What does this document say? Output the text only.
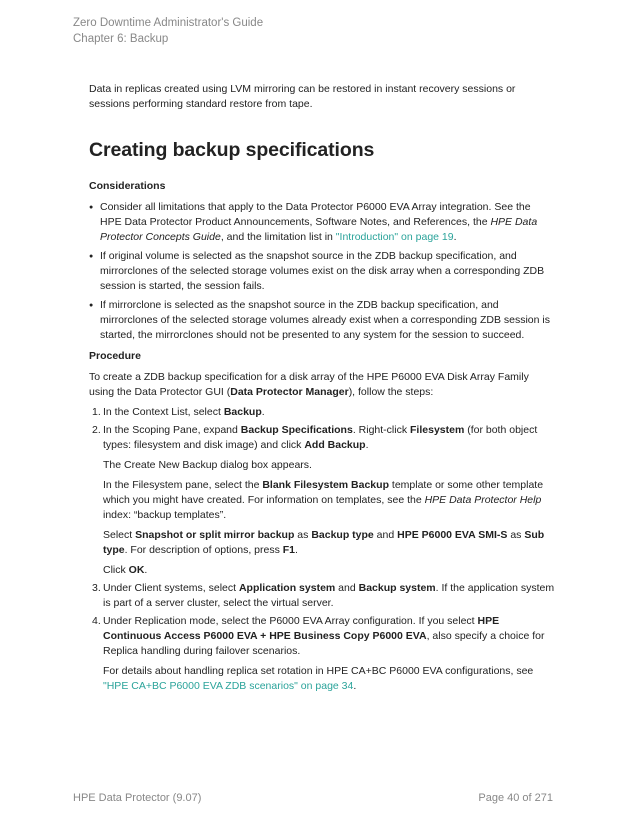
Zero Downtime Administrator's Guide
Chapter 6: Backup

Data in replicas created using LVM mirroring can be restored in instant recovery sessions or sessions performing standard restore from tape.

Creating backup specifications
Considerations
● Consider all limitations that apply to the Data Protector P6000 EVA Array integration. See the HPE Data Protector Product Announcements, Software Notes, and References, the HPE Data Protector Concepts Guide, and the limitation list in "Introduction" on page 19.
● If original volume is selected as the snapshot source in the ZDB backup specification, and mirrorclones of the selected storage volumes exist on the disk array when a corresponding ZDB session is started, the session fails.
● If mirrorclone is selected as the snapshot source in the ZDB backup specification, and mirrorclones of the selected storage volumes already exist when a corresponding ZDB session is started, the mirrorclones should not be presented to any system for the session to succeed.
Procedure

To create a ZDB backup specification for a disk array of the HPE P6000 EVA Disk Array Family using the Data Protector GUI (Data Protector Manager), follow the steps:

1. In the Context List, select Backup.
2. In the Scoping Pane, expand Backup Specifications. Right-click Filesystem (for both object types: filesystem and disk image) and click Add Backup.

The Create New Backup dialog box appears.

In the Filesystem pane, select the Blank Filesystem Backup template or some other template which you might have created. For information on templates, see the HPE Data Protector Help index: “backup templates”.

Select Snapshot or split mirror backup as Backup type and HPE P6000 EVA SMI-S as Sub type. For description of options, press F1.

Click OK.

3. Under Client systems, select Application system and Backup system. If the application system is part of a server cluster, select the virtual server.
4. Under Replication mode, select the P6000 EVA Array configuration. If you select HPE Continuous Access P6000 EVA + HPE Business Copy P6000 EVA, also specify a choice for Replica handling during failover scenarios.

For details about handling replica set rotation in HPE CA+BC P6000 EVA configurations, see "HPE CA+BC P6000 EVA ZDB scenarios" on page 34.

HPE Data Protector (9.07)	Page 40 of 271
